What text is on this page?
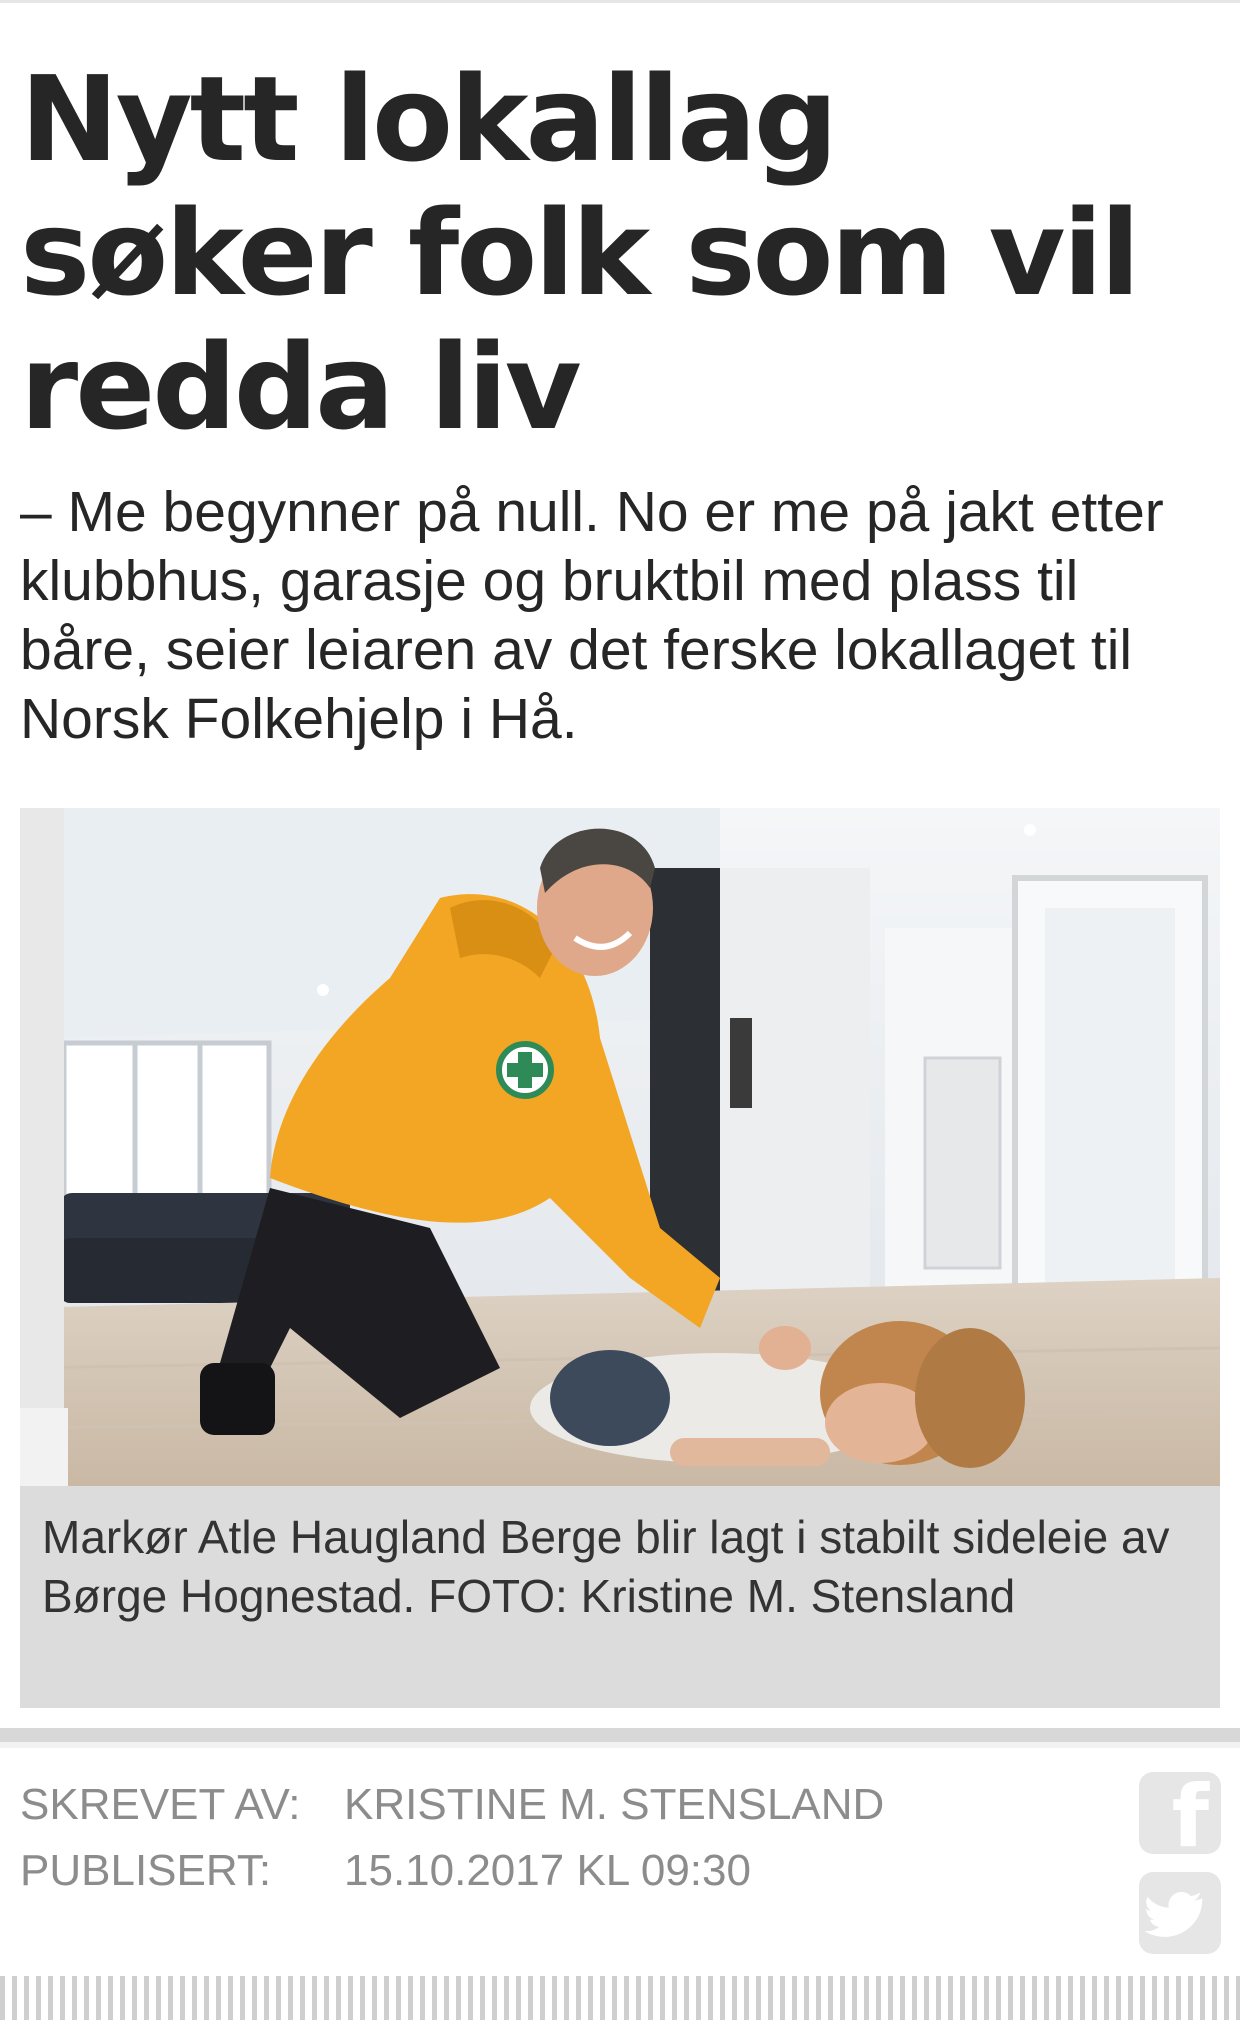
Nytt lokallag søker folk som vil redda liv

– Me begynner på null. No er me på jakt etter klubbhus, garasje og bruktbil med plass til båre, seier leiaren av det ferske lokallaget til Norsk Folkehjelp i Hå.

Markør Atle Haugland Berge blir lagt i stabilt sideleie av Børge Hognestad. FOTO: Kristine M. Stensland
SKREVET AV: KRISTINE M. STENSLAND
PUBLISERT:	15.10.2017 KL 09:30
f
